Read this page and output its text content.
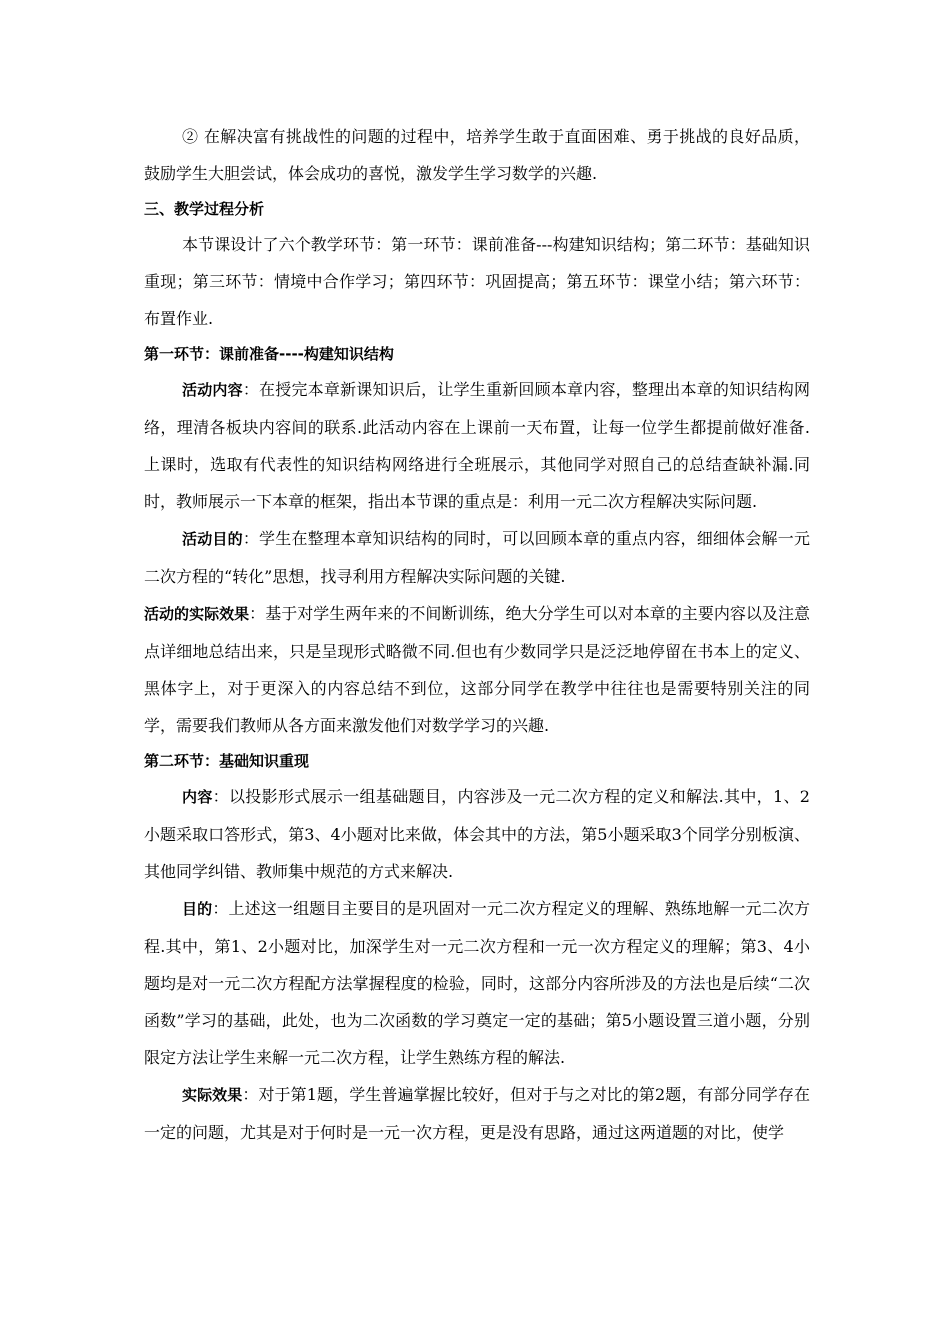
② 在解决富有挑战性的问题的过程中，培养学生敢于直面困难、勇于挑战的良好品质，鼓励学生大胆尝试，体会成功的喜悦，激发学生学习数学的兴趣.

三、教学过程分析

本节课设计了六个教学环节：第一环节：课前准备---构建知识结构；第二环节：基础知识重现；第三环节：情境中合作学习；第四环节：巩固提高；第五环节：课堂小结；第六环节：布置作业.

第一环节：课前准备----构建知识结构

活动内容：在授完本章新课知识后，让学生重新回顾本章内容，整理出本章的知识结构网络，理清各板块内容间的联系.此活动内容在上课前一天布置，让每一位学生都提前做好准备.上课时，选取有代表性的知识结构网络进行全班展示，其他同学对照自己的总结查缺补漏.同时，教师展示一下本章的框架，指出本节课的重点是：利用一元二次方程解决实际问题.

活动目的：学生在整理本章知识结构的同时，可以回顾本章的重点内容，细细体会解一元二次方程的“转化”思想，找寻利用方程解决实际问题的关键.

活动的实际效果：基于对学生两年来的不间断训练，绝大分学生可以对本章的主要内容以及注意点详细地总结出来，只是呈现形式略微不同.但也有少数同学只是泛泛地停留在书本上的定义、黑体字上，对于更深入的内容总结不到位，这部分同学在教学中往往也是需要特别关注的同学，需要我们教师从各方面来激发他们对数学学习的兴趣.

第二环节：基础知识重现

内容：以投影形式展示一组基础题目，内容涉及一元二次方程的定义和解法.其中，1、2小题采取口答形式，第3、4小题对比来做，体会其中的方法，第5小题采取3个同学分别板演、其他同学纠错、教师集中规范的方式来解决.

目的：上述这一组题目主要目的是巩固对一元二次方程定义的理解、熟练地解一元二次方程.其中，第1、2小题对比，加深学生对一元二次方程和一元一次方程定义的理解；第3、4小题均是对一元二次方程配方法掌握程度的检验，同时，这部分内容所涉及的方法也是后续“二次函数”学习的基础，此处，也为二次函数的学习奠定一定的基础；第5小题设置三道小题，分别限定方法让学生来解一元二次方程，让学生熟练方程的解法.

实际效果：对于第1题，学生普遍掌握比较好，但对于与之对比的第2题，有部分同学存在一定的问题，尤其是对于何时是一元一次方程，更是没有思路，通过这两道题的对比，使学
